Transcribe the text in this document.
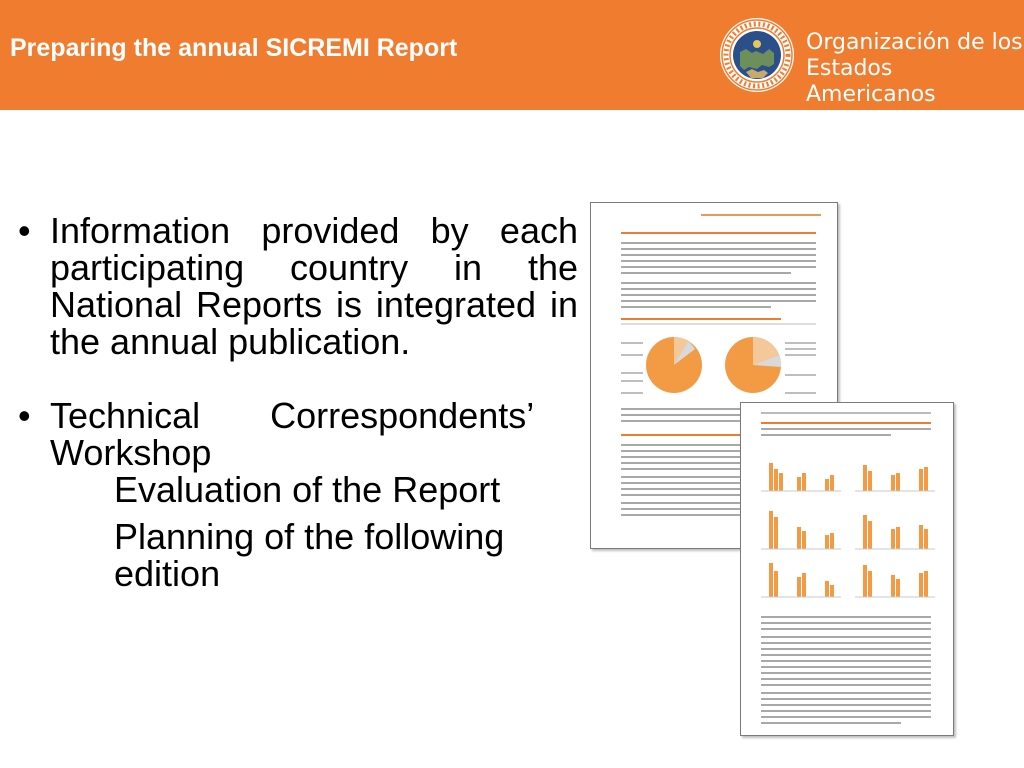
Preparing the annual SICREMI Report	Organización de los
Estados Americanos
• Information provided by each participating country in the National Reports is integrated in the annual publication.
• Technical Correspondents’
Workshop
Evaluation of the Report
Planning of the following edition
